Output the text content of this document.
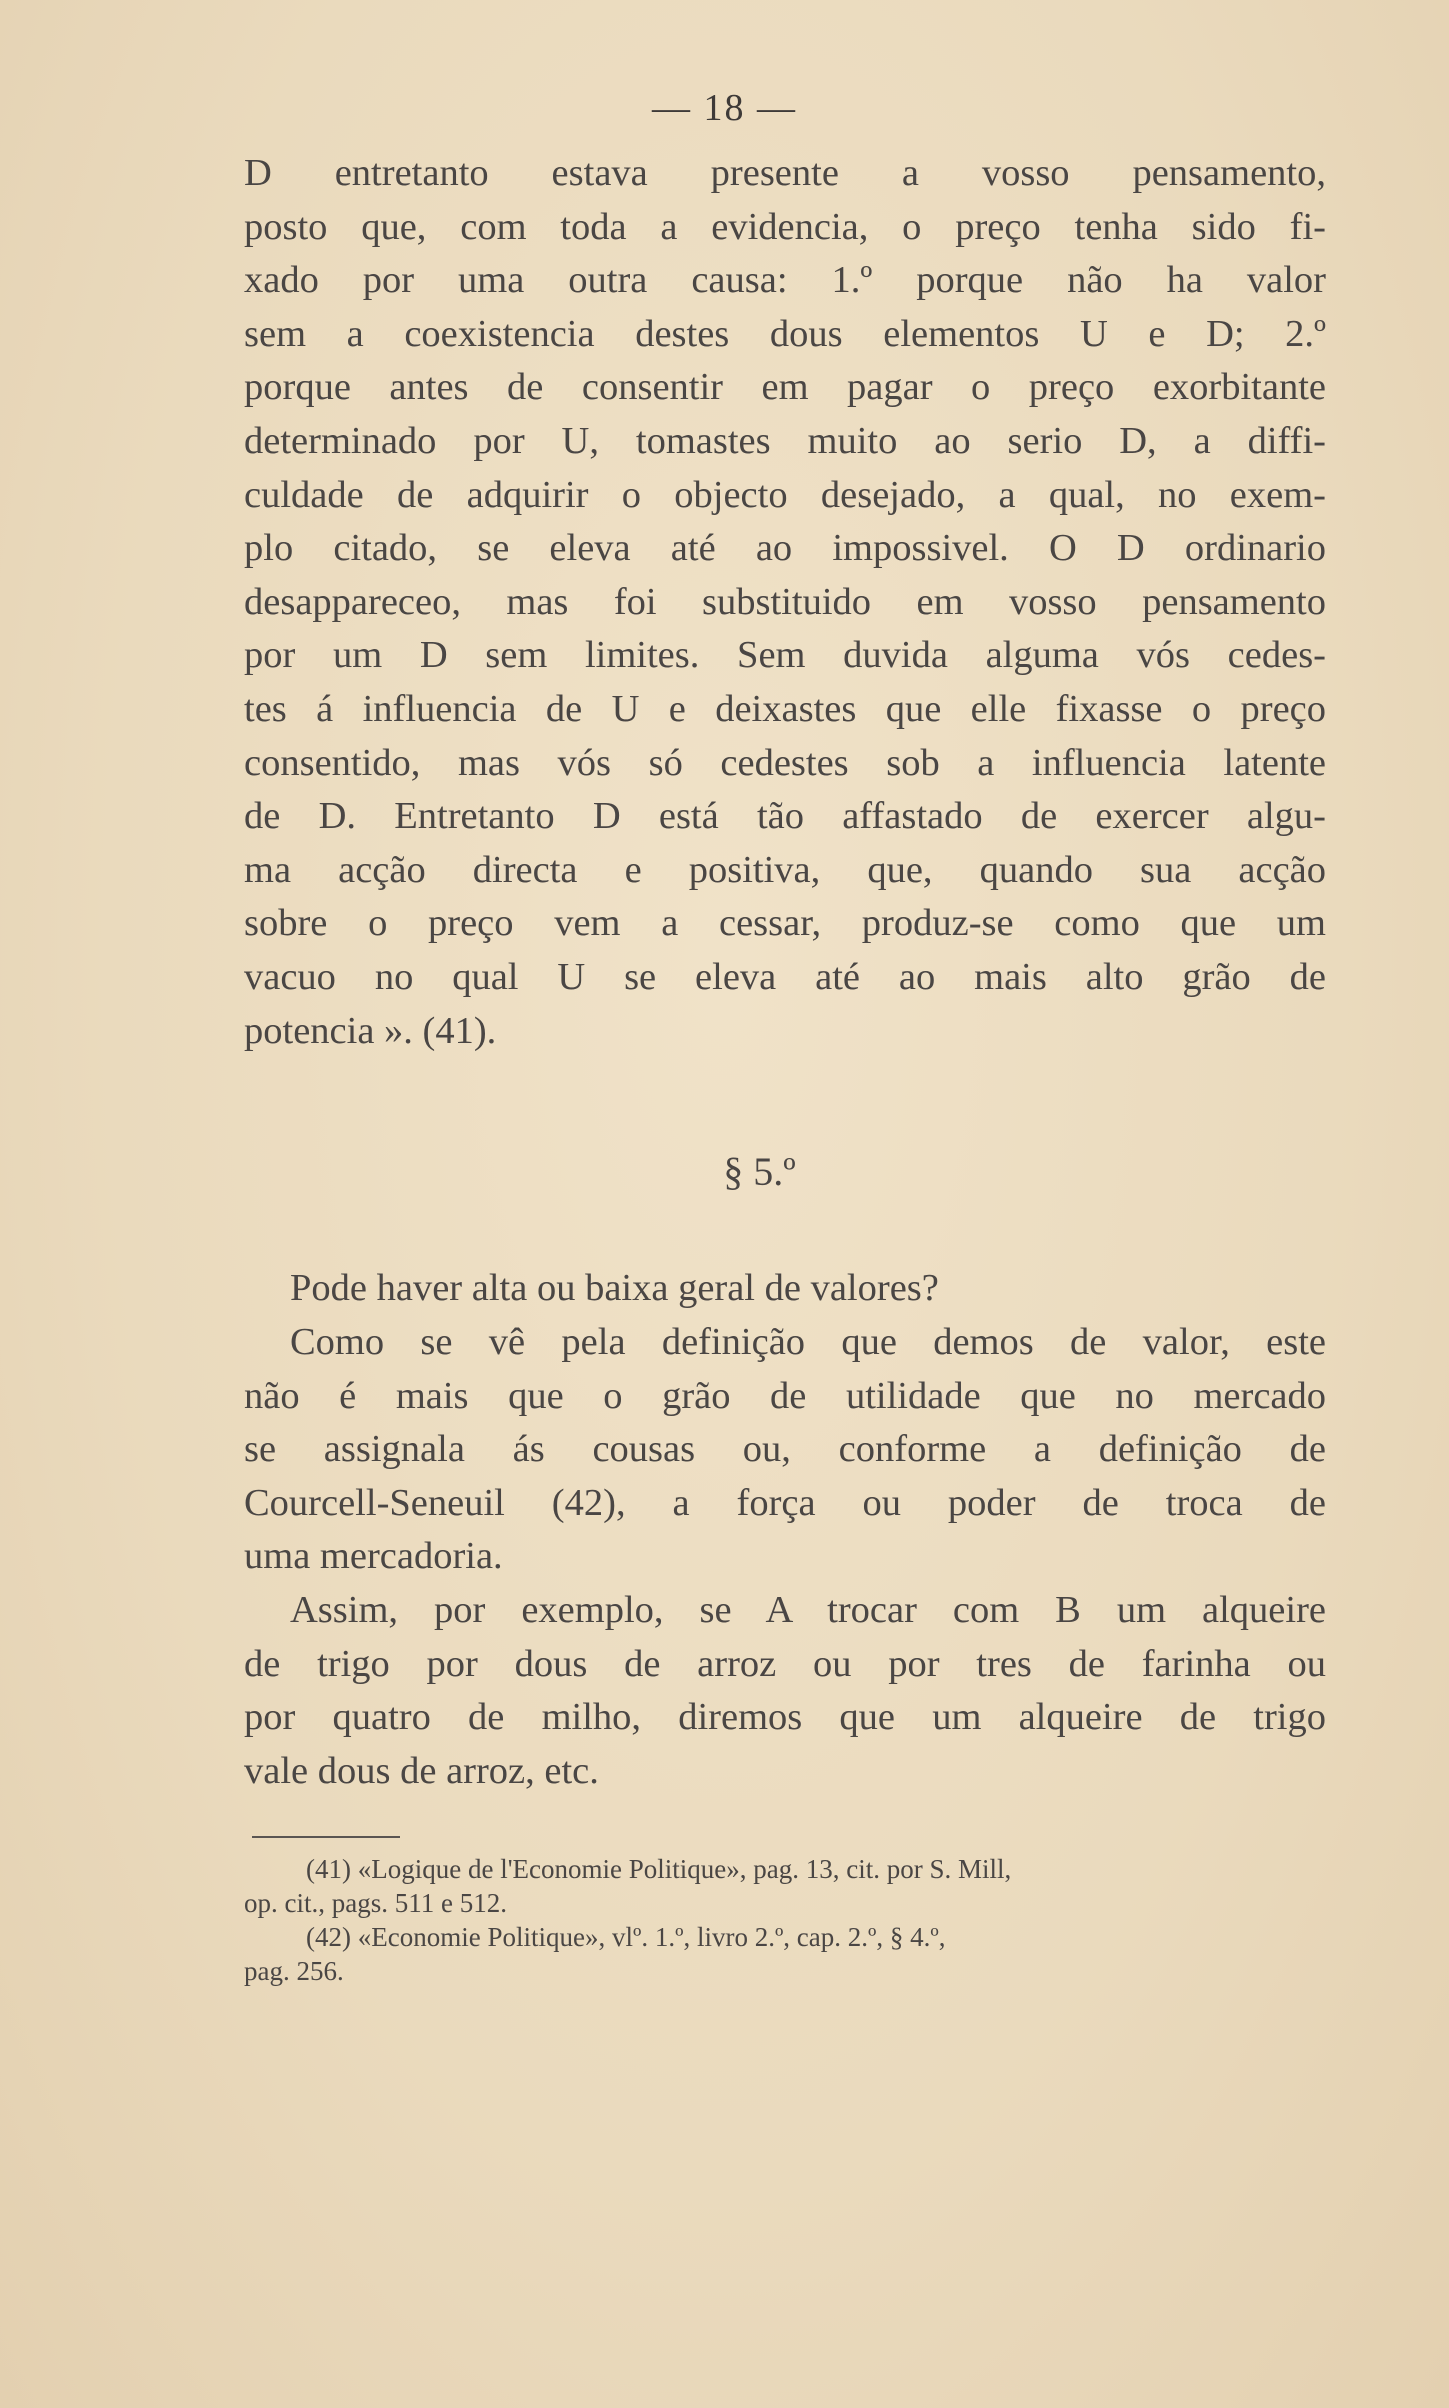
— 18 —
D entretanto estava presente a vosso pensamento,
posto que, com toda a evidencia, o preço tenha sido fi-
xado por uma outra causa: 1.º porque não ha valor
sem a coexistencia destes dous elementos U e D; 2.º
porque antes de consentir em pagar o preço exorbitante
determinado por U, tomastes muito ao serio D, a diffi-
culdade de adquirir o objecto desejado, a qual, no exem-
plo citado, se eleva até ao impossivel. O D ordinario
desappareceo, mas foi substituido em vosso pensamento
por um D sem limites. Sem duvida alguma vós cedes-
tes á influencia de U e deixastes que elle fixasse o preço
consentido, mas vós só cedestes sob a influencia latente
de D. Entretanto D está tão affastado de exercer algu-
ma acção directa e positiva, que, quando sua acção
sobre o preço vem a cessar, produz-se como que um
vacuo no qual U se eleva até ao mais alto grão de
potencia ». (41).
§ 5.º
Pode haver alta ou baixa geral de valores?
Como se vê pela definição que demos de valor, este
não é mais que o grão de utilidade que no mercado
se assignala ás cousas ou, conforme a definição de
Courcell-Seneuil (42), a força ou poder de troca de
uma mercadoria.
Assim, por exemplo, se A trocar com B um alqueire
de trigo por dous de arroz ou por tres de farinha ou
por quatro de milho, diremos que um alqueire de trigo
vale dous de arroz, etc.
(41) «Logique de l'Economie Politique», pag. 13, cit. por S. Mill,
op. cit., pags. 511 e 512.
(42) «Economie Politique», vlº. 1.º, livro 2.º, cap. 2.º, § 4.º,
pag. 256.
